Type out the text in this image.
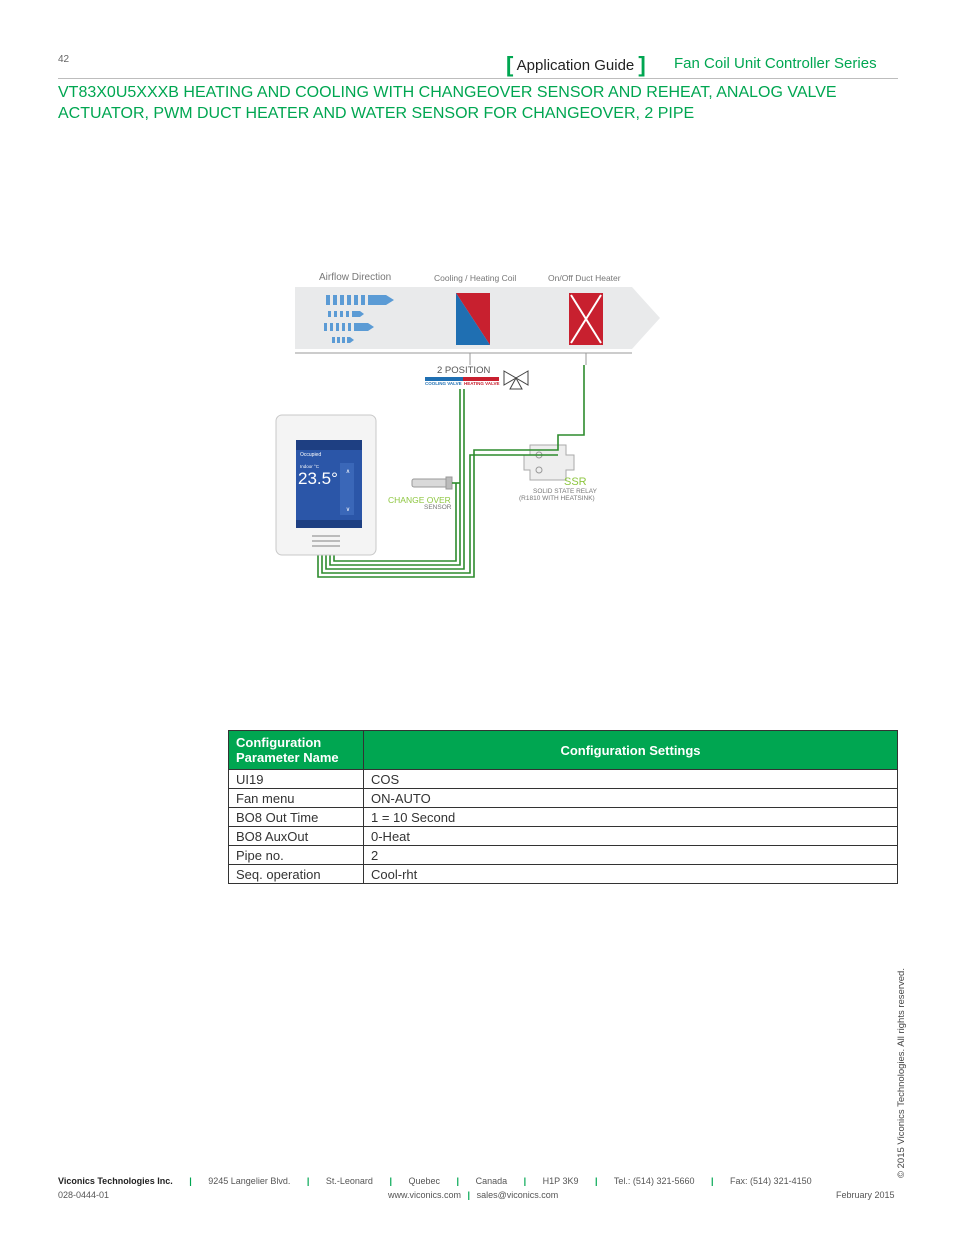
42	[ Application Guide ] Fan Coil Unit Controller Series
VT83X0U5XXXB HEATING AND COOLING WITH CHANGEOVER SENSOR AND REHEAT, ANALOG VALVE ACTUATOR, PWM DUCT HEATER AND WATER SENSOR FOR CHANGEOVER, 2 PIPE
∧
∨
Airflow Direction	Cooling / Heating Coil	On/Off Duct Heater
2 POSITION
COOLING VALVE HEATING VALVE
SSR
SOLID STATE RELAY
(R1810 WITH HEATSINK)
CHANGE OVER
SENSOR
Occupied
Indoor °C
23.5°
Configuration Parameter Name	Configuration Settings
UI19	COS
Fan menu	ON-AUTO
BO8 Out Time	1 = 10 Second
BO8 AuxOut	0-Heat
Pipe no.	2
Seq. operation	Cool-rht
© 2015 Viconics Technologies. All rights reserved.
Viconics Technologies Inc. | 9245 Langelier Blvd. | St.-Leonard | Quebec | Canada | H1P 3K9 | Tel.: (514) 321-5660 | Fax: (514) 321-4150
028-0444-01	www.viconics.com | sales@viconics.com	February 2015
